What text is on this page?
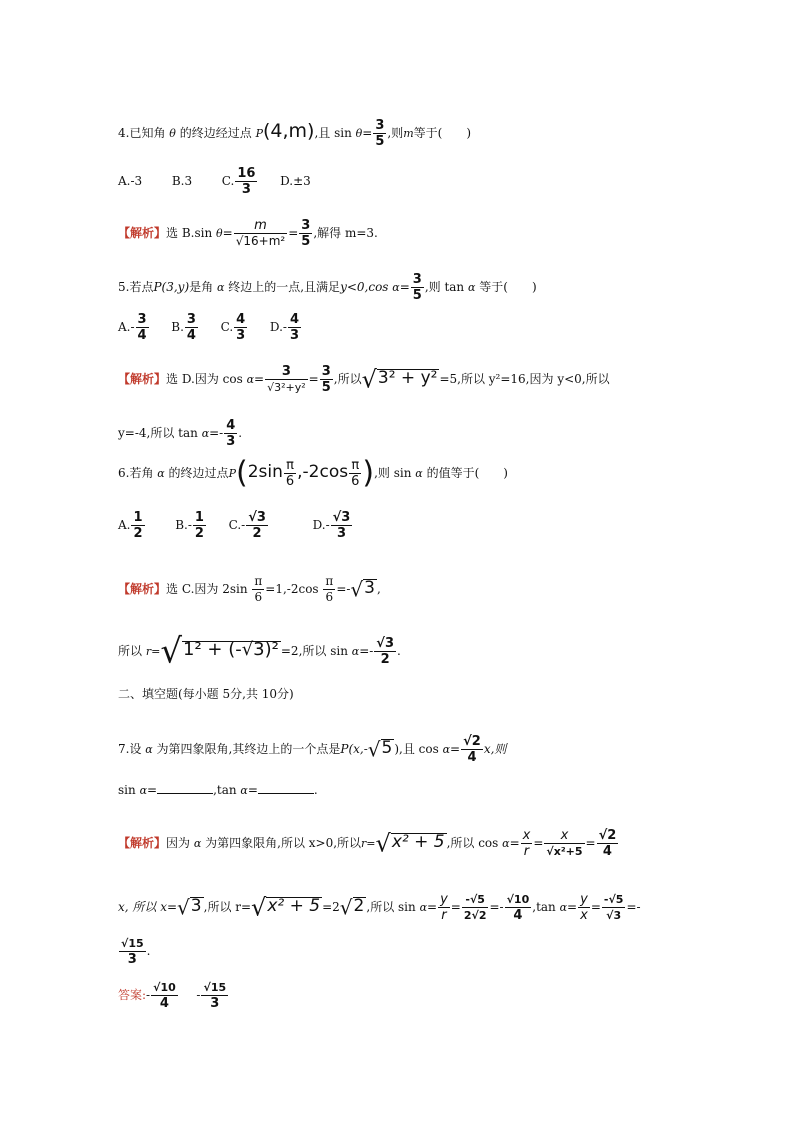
4.已知角 θ 的终边经过点 P(4,m),且 $\sin \theta= \frac{3}{5}$ ,则m等于(　　)
A.-3 B.3 C. $\frac{16}{3} D.\pm 3$
【解析】选 B.sin $\theta= \frac{m}{\text{√16+m²}} = \frac{3}{5}$ ,解得 m=3.
5.若点P(3,y)是角 α 终边上的一点,且满足y<0,cos $\alpha= \frac{3}{5}$ ,则 tan α 等于(　　)
$A.- \frac{3}{4} B$. $\frac{3}{4} C$. $\frac{4}{3} D.- \frac{4}{3}$
【解析】选 D.因为 $\cos \alpha= \frac{3}{\text{√3²+y²}} = \frac{3}{5}$ ,所以√3² + y² =5,所以 y²=16,因为 y<0,所以
y=-4,所以 $\tan \alpha=- \frac{4}{3}$ .
6.若角 α 的终边过点$P(2\sin \frac{\pi}{6} ,-2\cos \frac{\pi}{6}$ ),则 sin α 的值等于(　　)
A. $\frac{1}{2}$	$B.- \frac{1}{2} C.- \frac{√3}{2}$	$D.- \frac{√3}{3}$
【解析】选 C.因为 $2\sin \frac{\pi}{6} =1,-2\cos \frac{\pi}{6} =-√3$ ,
所以 r=√1² + (-√3)² =2,所以 $\sin \alpha=- \frac{√3}{2}$ .
二、填空题(每小题 5分,共 10分)
7.设 α 为第四象限角,其终边上的一个点是P(x,-√5 ),且 $\cos \alpha= \frac{√2}{4} x$,则
sin α=	,tan α=	.
【解析】因为 α 为第四象限角,所以 x>0,所以r=√x² + 5 ,所以 $\cos \alpha= \frac{x}{r} = \frac{x}{\text{√x²+5}} = \frac{√2}{4}$
x, 所以 x=√3 ,所以 r=√x² + 5 =2√2 ,所以 $\sin \alpha= \frac{y}{r} = \frac{-√5}{2√2} =- \frac{√10}{4} ,\tan$ $\alpha= \frac{y}{x} = \frac{-√5}{√3}$ =-
$\frac{√15}{3}$ .
答案:- $\frac{√10}{4} - \frac{√15}{3}$
